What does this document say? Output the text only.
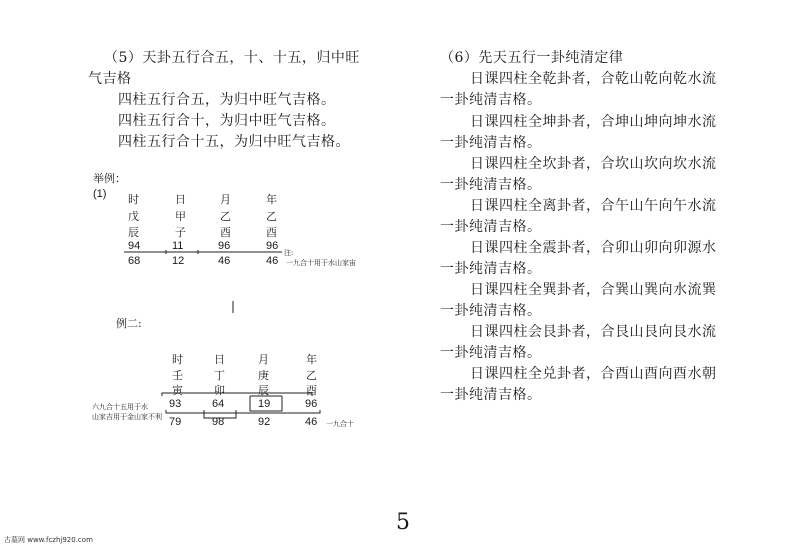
（5）天卦五行合五，十、十五，归中旺
气吉格
四柱五行合五，为归中旺气吉格。
四柱五行合十，为归中旺气吉格。
四柱五行合十五，为归中旺气吉格。
举例：
(1) 时	日	月	年
戊	甲	乙	乙
辰	子	酉	酉
94	11	96	96
68	12	46	46
注:
一九合十用于水山家宙
例二:
时	日	月	年
壬	丁	庚	乙
寅	卯	辰	酉
93	64	19	96
79	98	92	46
六九合十五用于水
山家吉用于金山家不利
一九合十
（6）先天五行一卦纯清定律
日课四柱全乾卦者，合乾山乾向乾水流
一卦纯清吉格。
日课四柱全坤卦者，合坤山坤向坤水流
一卦纯清吉格。
日课四柱全坎卦者，合坎山坎向坎水流
一卦纯清吉格。
日课四柱全离卦者，合午山午向午水流
一卦纯清吉格。
日课四柱全震卦者，合卯山卯向卯源水
一卦纯清吉格。
日课四柱全巽卦者，合巽山巽向水流巽
一卦纯清吉格。
日课四柱会艮卦者，合艮山艮向艮水流
一卦纯清吉格。
日课四柱全兑卦者，合酉山酉向酉水朝
一卦纯清吉格。
5
古墓网 www.fczhj920.com
